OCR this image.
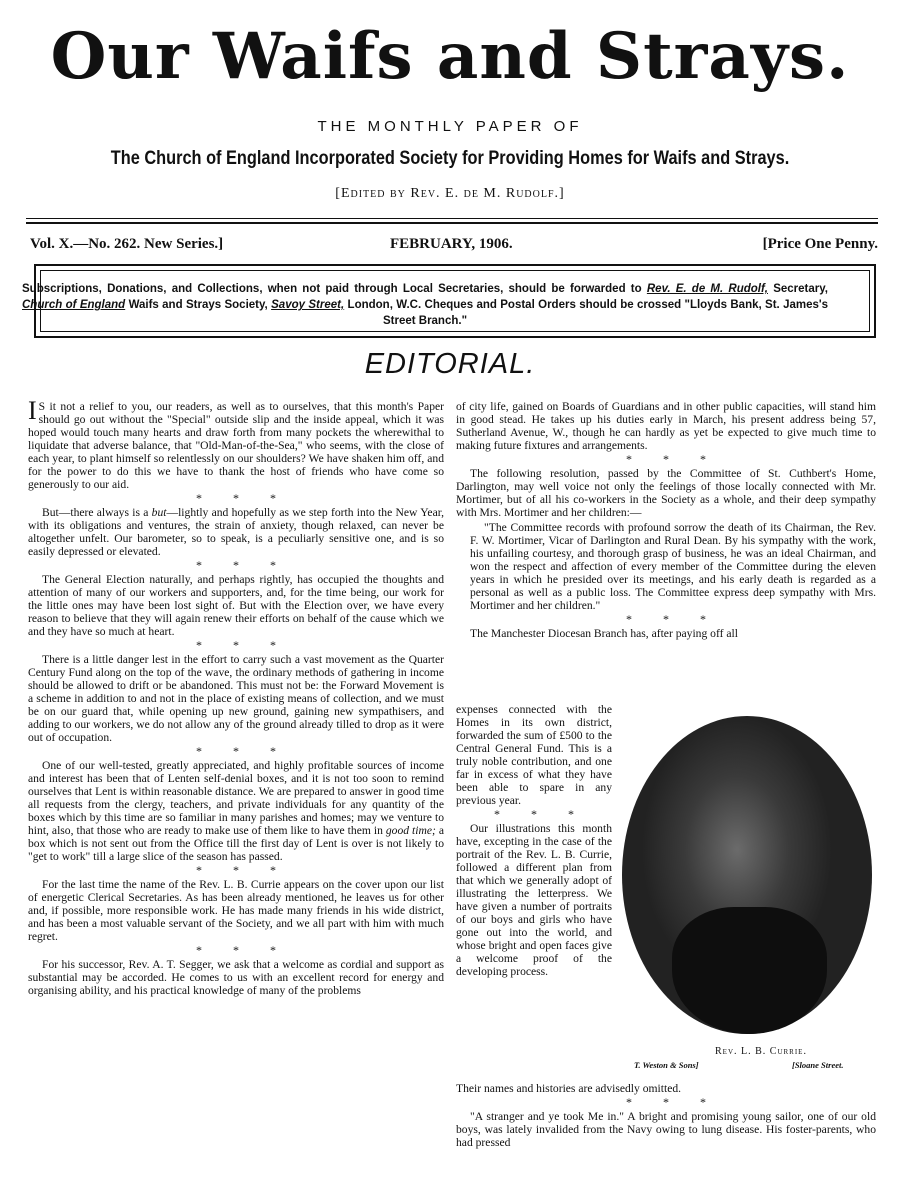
Our Waifs and Strays.
THE MONTHLY PAPER OF
The Church of England Incorporated Society for Providing Homes for Waifs and Strays.
[Edited by Rev. E. de M. Rudolf.]
Vol. X.—No. 262. New Series.]	FEBRUARY, 1906.	[Price One Penny.
Subscriptions, Donations, and Collections, when not paid through Local Secretaries, should be forwarded to Rev. E. de M. Rudolf, Secretary, Church of England Waifs and Strays Society, Savoy Street, London, W.C. Cheques and Postal Orders should be crossed "Lloyds Bank, St. James's Street Branch."
EDITORIAL.

I S it not a relief to you, our readers, as well as to ourselves, that this month's Paper should go out without the "Special" outside slip and the inside appeal, which it was hoped would touch many hearts and draw forth from many pockets the wherewithal to liquidate that adverse balance, that "Old-Man-of-the-Sea," who seems, with the close of each year, to plant himself so relentlessly on our shoulders? We have shaken him off, and for the power to do this we have to thank the host of friends who have come so generously to our aid.

* * *

But—there always is a but—lightly and hopefully as we step forth into the New Year, with its obligations and ventures, the strain of anxiety, though relaxed, can never be altogether unfelt. Our barometer, so to speak, is a peculiarly sensitive one, and is so easily depressed or elevated.

* * *

The General Election naturally, and perhaps rightly, has occupied the thoughts and attention of many of our workers and supporters, and, for the time being, our work for the little ones may have been lost sight of. But with the Election over, we have every reason to believe that they will again renew their efforts on behalf of the cause which we and they have so much at heart.

* * *

There is a little danger lest in the effort to carry such a vast movement as the Quarter Century Fund along on the top of the wave, the ordinary methods of gathering in income should be allowed to drift or be abandoned. This must not be: the Forward Movement is a scheme in addition to and not in the place of existing means of collection, and we must be on our guard that, while opening up new ground, gaining new sympathisers, and adding to our workers, we do not allow any of the ground already tilled to drop as it were out of occupation.

* * *

One of our well-tested, greatly appreciated, and highly profitable sources of income and interest has been that of Lenten self-denial boxes, and it is not too soon to remind ourselves that Lent is within reasonable distance. We are prepared to answer in good time all requests from the clergy, teachers, and private individuals for any quantity of the boxes which by this time are so familiar in many parishes and homes; may we venture to hint, also, that those who are ready to make use of them like to have them in good time; a box which is not sent out from the Office till the first day of Lent is over is not likely to "get to work" till a large slice of the season has passed.

* * *

For the last time the name of the Rev. L. B. Currie appears on the cover upon our list of energetic Clerical Secretaries. As has been already mentioned, he leaves us for other and, if possible, more responsible work. He has made many friends in his wide district, and has been a most valuable servant of the Society, and we all part with him with much regret.

* * *

For his successor, Rev. A. T. Segger, we ask that a welcome as cordial and support as substantial may be accorded. He comes to us with an excellent record for energy and organising ability, and his practical knowledge of many of the problems

of city life, gained on Boards of Guardians and in other public capacities, will stand him in good stead. He takes up his duties early in March, his present address being 57, Sutherland Avenue, W., though he can hardly as yet be expected to give much time to making future fixtures and arrangements.

* * *

The following resolution, passed by the Committee of St. Cuthbert's Home, Darlington, may well voice not only the feelings of those locally connected with Mr. Mortimer, but of all his co-workers in the Society as a whole, and their deep sympathy with Mrs. Mortimer and her children:—

"The Committee records with profound sorrow the death of its Chairman, the Rev. F. W. Mortimer, Vicar of Darlington and Rural Dean. By his sympathy with the work, his unfailing courtesy, and thorough grasp of business, he was an ideal Chairman, and won the respect and affection of every member of the Committee during the eleven years in which he presided over its meetings, and his early death is regarded as a personal as well as a public loss. The Committee express deep sympathy with Mrs. Mortimer and her children."

* * *

The Manchester Diocesan Branch has, after paying off all

expenses connected with the Homes in its own district, forwarded the sum of £500 to the Central General Fund. This is a truly noble contribution, and one far in excess of what they have been able to spare in any previous year.

* * *

Our illustrations this month have, excepting in the case of the portrait of the Rev. L. B. Currie, followed a different plan from that which we generally adopt of illustrating the letterpress. We have given a number of portraits of our boys and girls who have gone out into the world, and whose bright and open faces give a welcome proof of the developing process.

Rev. L. B. Currie.
T. Weston & Sons]	[Sloane Street.

Their names and histories are advisedly omitted.

* * *

"A stranger and ye took Me in." A bright and promising young sailor, one of our old boys, was lately invalided from the Navy owing to lung disease. His foster-parents, who had pressed
